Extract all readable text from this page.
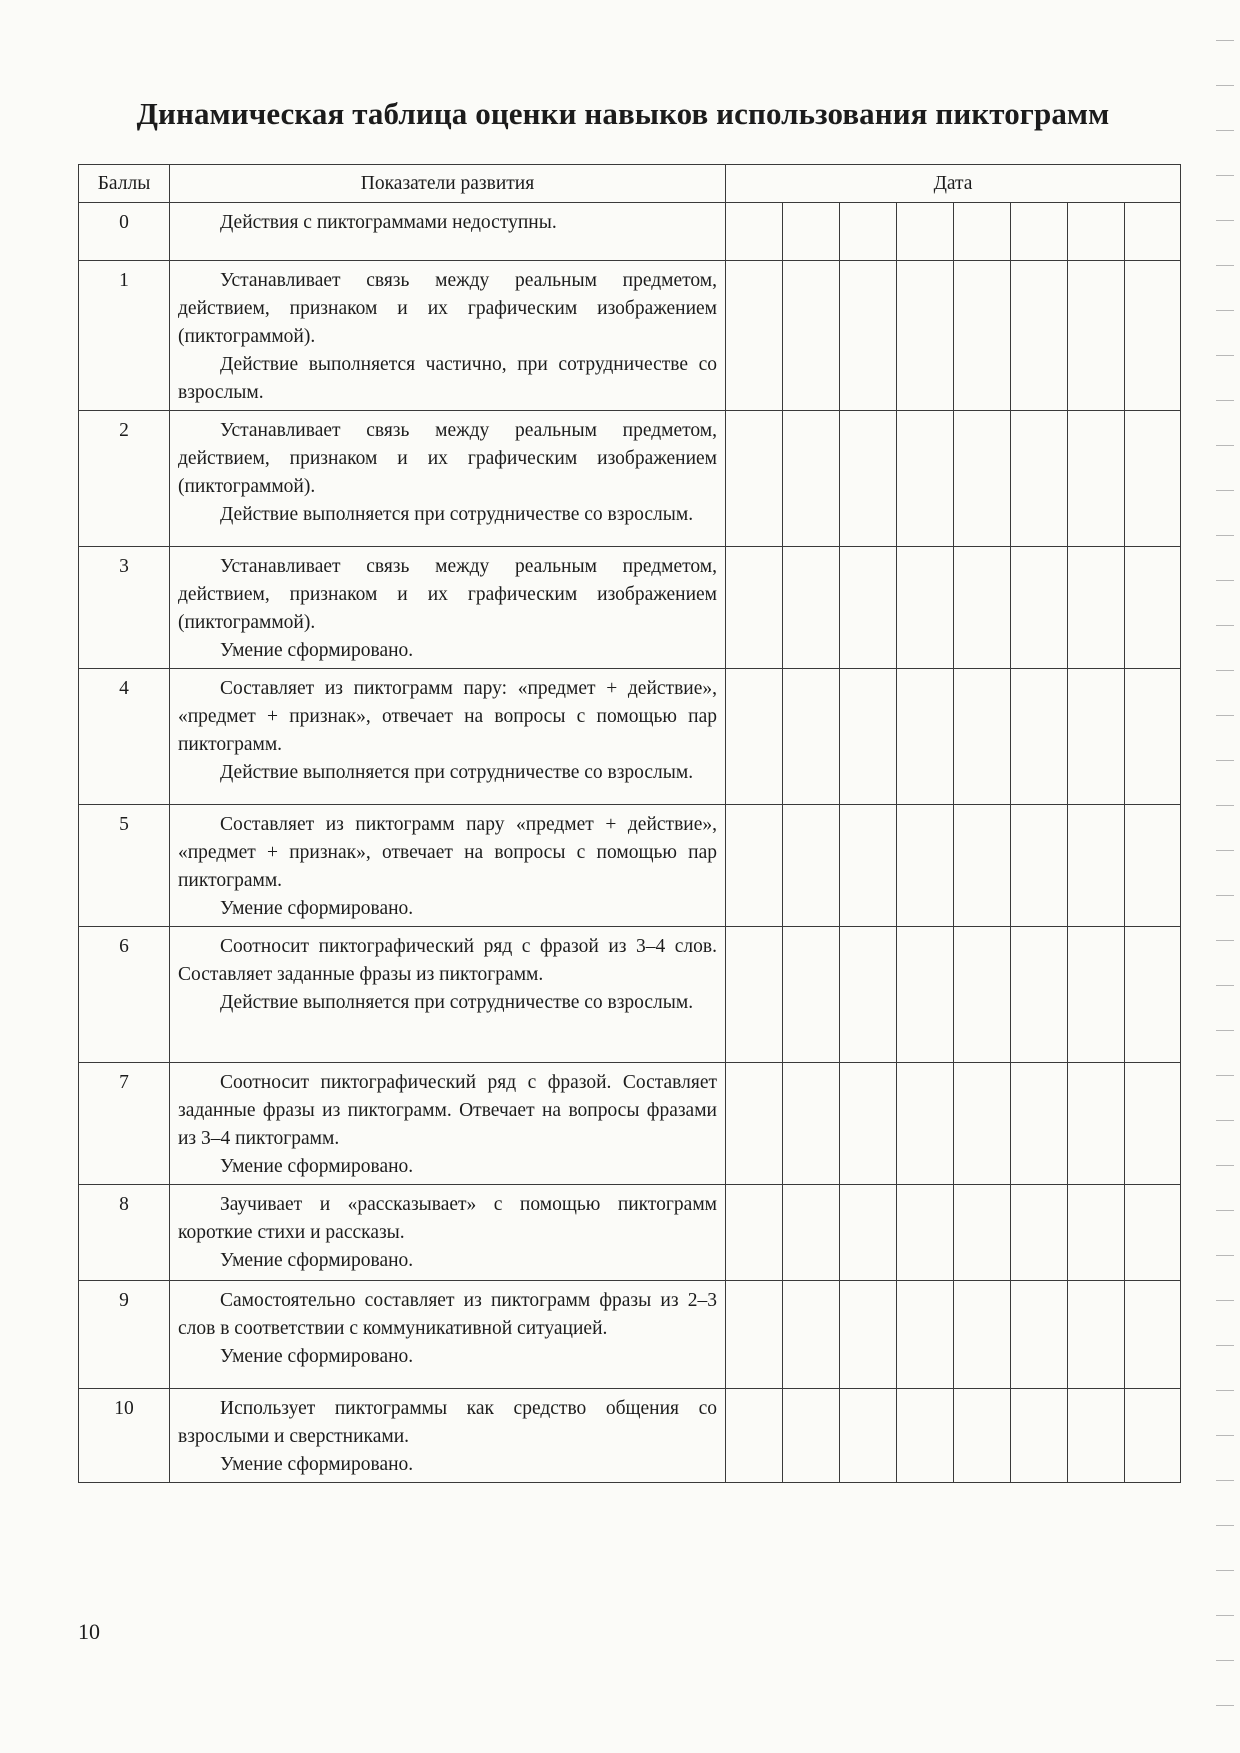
Динамическая таблица оценки навыков использования пиктограмм
Баллы	Показатели развития	Дата							
0	Действия с пиктограммами недоступны.								

1	Устанавливает связь между реальным предметом, действием, признаком и их графическим изображением (пиктограммой).

Действие выполняется частично, при сотрудничестве со взрослым.								

2	Устанавливает связь между реальным предметом, действием, признаком и их графическим изображением (пиктограммой).

Действие выполняется при сотрудничестве со взрослым.								

3	Устанавливает связь между реальным предметом, действием, признаком и их графическим изображением (пиктограммой).

Умение сформировано.								

4	Составляет из пиктограмм пару: «предмет + действие», «предмет + признак», отвечает на вопросы с помощью пар пиктограмм.

Действие выполняется при сотрудничестве со взрослым.								

5	Составляет из пиктограмм пару «предмет + действие», «предмет + признак», отвечает на вопросы с помощью пар пиктограмм.

Умение сформировано.								

6	Соотносит пиктографический ряд с фразой из 3–4 слов. Составляет заданные фразы из пиктограмм.

Действие выполняется при сотрудничестве со взрослым.								

7	Соотносит пиктографический ряд с фразой. Составляет заданные фразы из пиктограмм. Отвечает на вопросы фразами из 3–4 пиктограмм.

Умение сформировано.								

8	Заучивает и «рассказывает» с помощью пиктограмм короткие стихи и рассказы.

Умение сформировано.								

9	Самостоятельно составляет из пиктограмм фразы из 2–3 слов в соответствии с коммуникативной ситуацией.

Умение сформировано.								

10	Использует пиктограммы как средство общения со взрослыми и сверстниками.

Умение сформировано.								

10
